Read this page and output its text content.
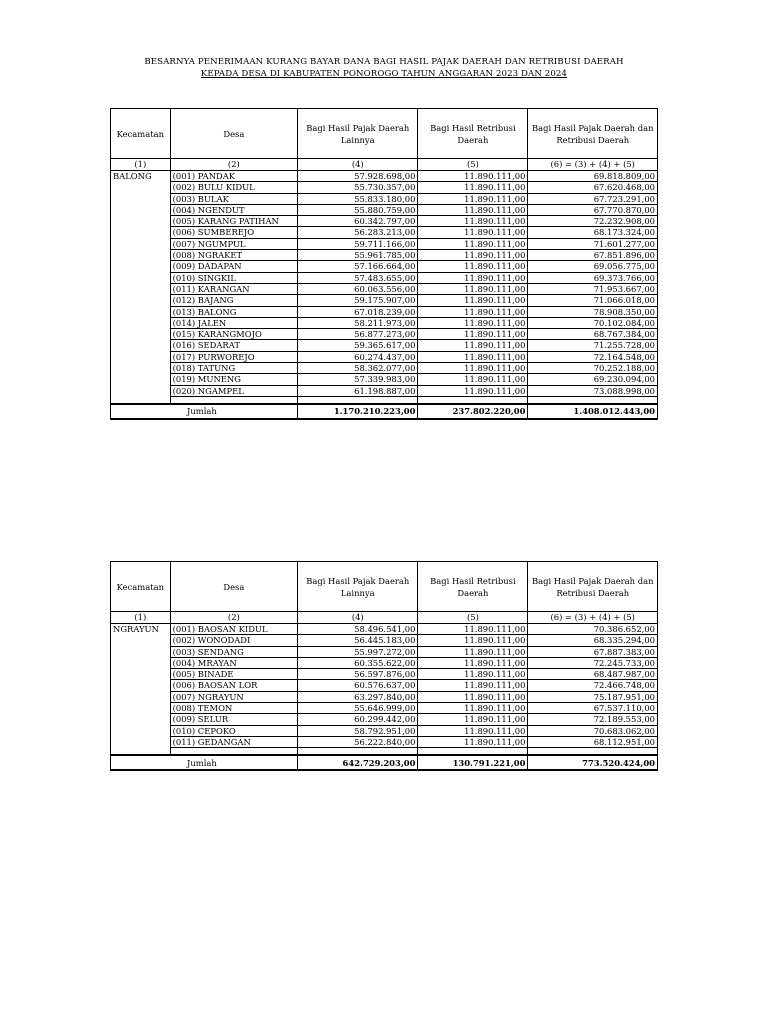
BESARNYA PENERIMAAN KURANG BAYAR DANA BAGI HASIL PAJAK DAERAH DAN RETRIBUSI DAERAH
KEPADA DESA DI KABUPATEN PONOROGO TAHUN ANGGARAN 2023 DAN 2024
Kecamatan	Desa	Bagi Hasil Pajak Daerah Lainnya	Bagi Hasil Retribusi Daerah	Bagi Hasil Pajak Daerah dan Retribusi Daerah
(1)	(2)	(4)	(5)	(6) = (3) + (4) + (5)
BALONG	(001) PANDAK	57.928.698,00	11.890.111,00	69.818.809,00
	(002) BULU KIDUL	55.730.357,00	11.890.111,00	67.620.468,00
	(003) BULAK	55.833.180,00	11.890.111,00	67.723.291,00
	(004) NGENDUT	55.880.759,00	11.890.111,00	67.770.870,00
	(005) KARANG PATIHAN	60.342.797,00	11.890.111,00	72.232.908,00
	(006) SUMBEREJO	56.283.213,00	11.890.111,00	68.173.324,00
	(007) NGUMPUL	59.711.166,00	11.890.111,00	71.601.277,00
	(008) NGRAKET	55.961.785,00	11.890.111,00	67.851.896,00
	(009) DADAPAN	57.166.664,00	11.890.111,00	69.056.775,00
	(010) SINGKIL	57.483.655,00	11.890.111,00	69.373.766,00
	(011) KARANGAN	60.063.556,00	11.890.111,00	71.953.667,00
	(012) BAJANG	59.175.907,00	11.890.111,00	71.066.018,00
	(013) BALONG	67.018.239,00	11.890.111,00	78.908.350,00
	(014) JALEN	58.211.973,00	11.890.111,00	70.102.084,00
	(015) KARANGMOJO	56.877.273,00	11.890.111,00	68.767.384,00
	(016) SEDARAT	59.365.617,00	11.890.111,00	71.255.728,00
	(017) PURWOREJO	60.274.437,00	11.890.111,00	72.164.548,00
	(018) TATUNG	58.362.077,00	11.890.111,00	70.252.188,00
	(019) MUNENG	57.339.983,00	11.890.111,00	69.230.094,00
	(020) NGAMPEL	61.198.887,00	11.890.111,00	73.088.998,00

Jumlah		1.170.210.223,00	237.802.220,00	1.408.012.443,00
Kecamatan	Desa	Bagi Hasil Pajak Daerah Lainnya	Bagi Hasil Retribusi Daerah	Bagi Hasil Pajak Daerah dan Retribusi Daerah
(1)	(2)	(4)	(5)	(6) = (3) + (4) + (5)
NGRAYUN	(001) BAOSAN KIDUL	58.496.541,00	11.890.111,00	70.386.652,00
	(002) WONODADI	56.445.183,00	11.890.111,00	68.335.294,00
	(003) SENDANG	55.997.272,00	11.890.111,00	67.887.383,00
	(004) MRAYAN	60.355.622,00	11.890.111,00	72.245.733,00
	(005) BINADE	56.597.876,00	11.890.111,00	68.487.987,00
	(006) BAOSAN LOR	60.576.637,00	11.890.111,00	72.466.748,00
	(007) NGRAYUN	63.297.840,00	11.890.111,00	75.187.951,00
	(008) TEMON	55.646.999,00	11.890.111,00	67.537.110,00
	(009) SELUR	60.299.442,00	11.890.111,00	72.189.553,00
	(010) CEPOKO	58.792.951,00	11.890.111,00	70.683.062,00
	(011) GEDANGAN	56.222.840,00	11.890.111,00	68.112.951,00

Jumlah		642.729.203,00	130.791.221,00	773.520.424,00
